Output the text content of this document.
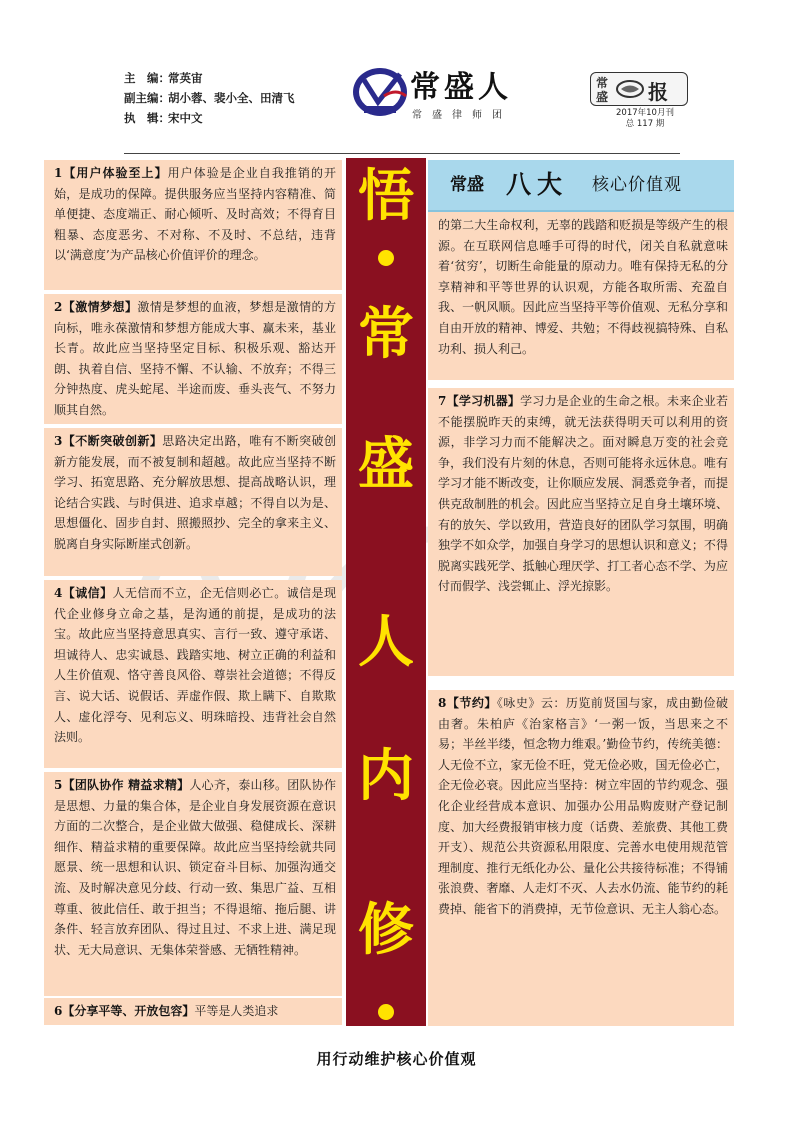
主　编：常英宙
副主编：胡小蓉、裴小全、田清飞
执　辑：宋中文
常盛人
常盛律师团
常
盛 报
2017年10月刊
总 117 期
1【用户体验至上】用户体验是企业自我推销的开始，是成功的保障。提供服务应当坚持内容精准、简单便捷、态度端正、耐心倾听、及时高效；不得育目粗暴、态度恶劣、不对称、不及时、不总结，违背以‘满意度’为产品核心价值评价的理念。
2【激情梦想】激情是梦想的血液，梦想是激情的方向标，唯永葆激情和梦想方能成大事、赢未来，基业长青。故此应当坚持坚定目标、积极乐观、豁达开朗、执着自信、坚持不懈、不认输、不放弃；不得三分钟热度、虎头蛇尾、半途而废、垂头丧气、不努力顺其自然。
3【不断突破创新】思路决定出路，唯有不断突破创新方能发展，而不被复制和超越。故此应当坚持不断学习、拓宽思路、充分解放思想、提高战略认识，理论结合实践、与时俱进、追求卓越；不得自以为是、思想僵化、固步自封、照搬照抄、完全的拿来主义、脱离自身实际断崖式创新。
4【诚信】人无信而不立，企无信则必亡。诚信是现代企业修身立命之基，是沟通的前提，是成功的法宝。故此应当坚持意思真实、言行一致、遵守承诺、坦诚待人、忠实诚恳、践踏实地、树立正确的利益和人生价值观、恪守善良风俗、尊崇社会道德；不得反言、说大话、说假话、弄虚作假、欺上瞒下、自欺欺人、虚化浮夸、见利忘义、明珠暗投、违背社会自然法则。
5【团队协作 精益求精】人心齐，泰山移。团队协作是思想、力量的集合体，是企业自身发展资源在意识方面的二次整合，是企业做大做强、稳健成长、深耕细作、精益求精的重要保障。故此应当坚持绘就共同愿景、统一思想和认识、锁定奋斗目标、加强沟通交流、及时解决意见分歧、行动一致、集思广益、互相尊重、彼此信任、敢于担当；不得退缩、拖后腿、讲条件、轻言放弃团队、得过且过、不求上进、满足现状、无大局意识、无集体荣誉感、无牺牲精神。
6【分享平等、开放包容】平等是人类追求
悟
常
盛
人
内
修
常盛 八大 核心价值观
的第二大生命权利，无辜的践踏和贬损是等级产生的根源。在互联网信息唾手可得的时代，闭关自私就意味着‘贫穷’，切断生命能量的原动力。唯有保持无私的分享精神和平等世界的认识观，方能各取所需、充盈自我、一帆风顺。因此应当坚持平等价值观、无私分享和自由开放的精神、博爱、共勉；不得歧视搞特殊、自私功利、损人利己。
7【学习机器】学习力是企业的生命之根。未来企业若不能摆脱昨天的束缚，就无法获得明天可以利用的资源，非学习力而不能解决之。面对瞬息万变的社会竞争，我们没有片刻的休息，否则可能将永远休息。唯有学习才能不断改变，让你顺应发展、洞悉竞争者，而提供克敌制胜的机会。因此应当坚持立足自身土壤环境、有的放矢、学以致用，营造良好的团队学习氛围，明确独学不如众学，加强自身学习的思想认识和意义；不得脱离实践死学、抵触心理厌学、打工者心态不学、为应付而假学、浅尝辄止、浮光掠影。
8【节约】《咏史》云：历览前贤国与家，成由勤俭破由奢。朱柏庐《治家格言》‘一粥一饭，当思来之不易；半丝半缕，恒念物力维艰。’勤俭节约，传统美德：人无俭不立，家无俭不旺，党无俭必败，国无俭必亡，企无俭必衰。因此应当坚持：树立牢固的节约观念、强化企业经营成本意识、加强办公用品购废财产登记制度、加大经费报销审核力度（话费、差旅费、其他工费开支）、规范公共资源私用限度、完善水电使用规范管理制度、推行无纸化办公、量化公共接待标准；不得铺张浪费、奢靡、人走灯不灭、人去水仍流、能节约的耗费掉、能省下的消费掉，无节俭意识、无主人翁心态。
用行动维护核心价值观
